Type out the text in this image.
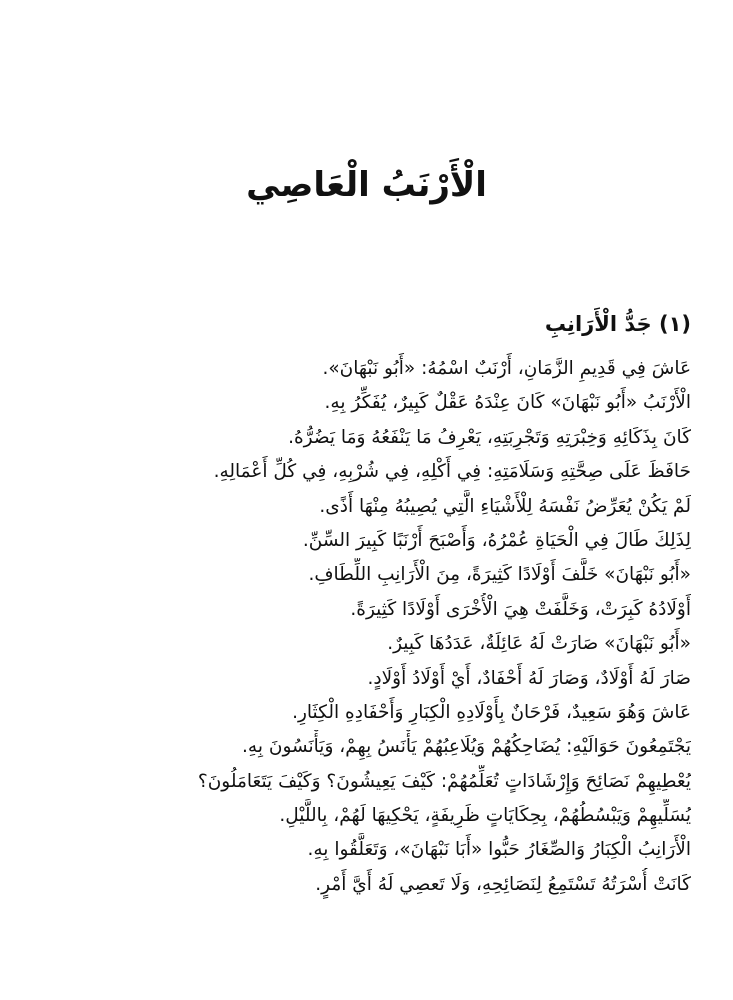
الْأَرْنَبُ الْعَاصِي
(١) جَدُّ الْأَرَانِبِ
عَاشَ فِي قَدِيمِ الزَّمَانِ، أَرْنَبٌ اسْمُهُ: «أَبُو نَبْهَانَ».
الْأَرْنَبُ «أَبُو نَبْهَانَ» كَانَ عِنْدَهُ عَقْلٌ كَبِيرٌ، يُفَكِّرُ بِهِ.
كَانَ بِذَكَائِهِ وَخِبْرَتِهِ وَتَجْرِبَتِهِ، يَعْرِفُ مَا يَنْفَعُهُ وَمَا يَضُرُّهُ.
حَافَظَ عَلَى صِحَّتِهِ وَسَلَامَتِهِ: فِي أَكْلِهِ، فِي شُرْبِهِ، فِي كُلِّ أَعْمَالِهِ.
لَمْ يَكُنْ يُعَرِّضُ نَفْسَهُ لِلْأَشْيَاءِ الَّتِي يُصِيبُهُ مِنْهَا أَذًى.
لِذَلِكَ طَالَ فِي الْحَيَاةِ عُمْرُهُ، وَأَصْبَحَ أَرْنَبًا كَبِيرَ السِّنِّ.
«أَبُو نَبْهَانَ» خَلَّفَ أَوْلَادًا كَثِيرَةً، مِنَ الْأَرَانِبِ اللِّطَافِ.
أَوْلَادُهُ كَبِرَتْ، وَخَلَّفَتْ هِيَ الْأُخْرَى أَوْلَادًا كَثِيرَةً.
«أَبُو نَبْهَانَ» صَارَتْ لَهُ عَائِلَةٌ، عَدَدُهَا كَبِيرٌ.
صَارَ لَهُ أَوْلَادٌ، وَصَارَ لَهُ أَحْفَادٌ، أَيْ أَوْلَادُ أَوْلَادٍ.
عَاشَ وَهُوَ سَعِيدٌ، فَرْحَانٌ بِأَوْلَادِهِ الْكِبَارِ وَأَحْفَادِهِ الْكِثَارِ.
يَجْتَمِعُونَ حَوَالَيْهِ: يُضَاحِكُهُمْ وَيُلَاعِبُهُمْ يَأْنَسُ بِهِمْ، وَيَأْنَسُونَ بِهِ.
يُعْطِيهِمْ نَصَائِحَ وَإِرْشَادَاتٍ تُعَلِّمُهُمْ: كَيْفَ يَعِيشُونَ؟ وَكَيْفَ يَتَعَامَلُونَ؟
يُسَلِّيهِمْ وَيَبْسُطُهُمْ، بِحِكَايَاتٍ ظَرِيفَةٍ، يَحْكِيهَا لَهُمْ، بِاللَّيْلِ.
الْأَرَانِبُ الْكِبَارُ وَالصِّغَارُ حَبُّوا «أَبَا نَبْهَانَ»، وَتَعَلَّقُوا بِهِ.
كَانَتْ أُسْرَتُهُ تَسْتَمِعُ لِنَصَائِحِهِ، وَلَا تَعصِي لَهُ أَيَّ أَمْرٍ.
